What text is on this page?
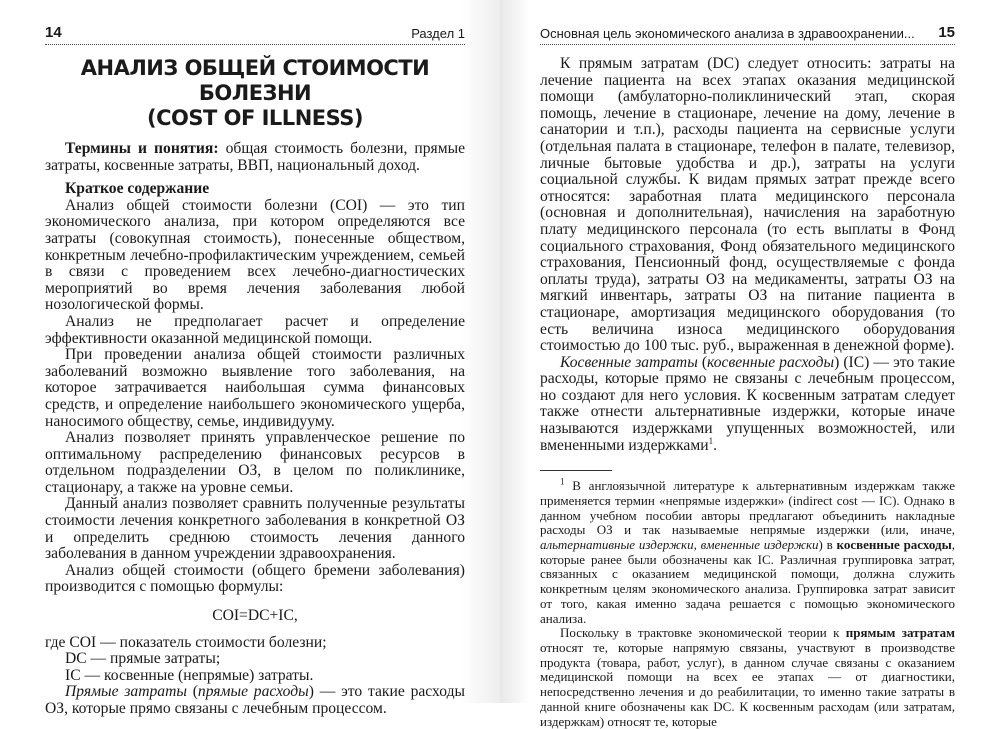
14	Раздел 1
АНАЛИЗ ОБЩЕЙ СТОИМОСТИ БОЛЕЗНИ
(COST OF ILLNESS)

Термины и понятия: общая стоимость болезни, прямые затраты, косвенные затраты, ВВП, национальный доход.

Краткое содержание

Анализ общей стоимости болезни (COI) — это тип экономического анализа, при котором определяются все затраты (совокупная стоимость), понесенные обществом, конкретным лечебно-профилактическим учреждением, семьей в связи с проведением всех лечебно-диагностических мероприятий во время лечения заболевания любой нозологической формы.

Анализ не предполагает расчет и определение эффективности оказанной медицинской помощи.

При проведении анализа общей стоимости различных заболеваний возможно выявление того заболевания, на которое затрачивается наибольшая сумма финансовых средств, и определение наибольшего экономического ущерба, наносимого обществу, семье, индивидууму.

Анализ позволяет принять управленческое решение по оптимальному распределению финансовых ресурсов в отдельном подразделении ОЗ, в целом по поликлинике, стационару, а также на уровне семьи.

Данный анализ позволяет сравнить полученные результаты стоимости лечения конкретного заболевания в конкретной ОЗ и определить среднюю стоимость лечения данного заболевания в данном учреждении здравоохранения.

Анализ общей стоимости (общего бремени заболевания) производится с помощью формулы:

COI=DC+IC,

где COI — показатель стоимости болезни;

DC — прямые затраты;

IC — косвенные (непрямые) затраты.

Прямые затраты (прямые расходы) — это такие расходы ОЗ, которые прямо связаны с лечебным процессом.

Основная цель экономического анализа в здравоохранении... 15

К прямым затратам (DC) следует относить: затраты на лечение пациента на всех этапах оказания медицинской помощи (амбулаторно-поликлинический этап, скорая помощь, лечение в стационаре, лечение на дому, лечение в санатории и т.п.), расходы пациента на сервисные услуги (отдельная палата в стационаре, телефон в палате, телевизор, личные бытовые удобства и др.), затраты на услуги социальной службы. К видам прямых затрат прежде всего относятся: заработная плата медицинского персонала (основная и дополнительная), начисления на заработную плату медицинского персонала (то есть выплаты в Фонд социального страхования, Фонд обязательного медицинского страхования, Пенсионный фонд, осуществляемые с фонда оплаты труда), затраты ОЗ на медикаменты, затраты ОЗ на мягкий инвентарь, затраты ОЗ на питание пациента в стационаре, амортизация медицинского оборудования (то есть величина износа медицинского оборудования стоимостью до 100 тыс. руб., выраженная в денежной форме).

Косвенные затраты (косвенные расходы) (IC) — это такие расходы, которые прямо не связаны с лечебным процессом, но создают для него условия. К косвенным затратам следует также отнести альтернативные издержки, которые иначе называются издержками упущенных возможностей, или вмененными издержками$^1$.

$^1$ В англоязычной литературе к альтернативным издержкам также применяется термин «непрямые издержки» (indirect cost — IC). Однако в данном учебном пособии авторы предлагают объединить накладные расходы ОЗ и так называемые непрямые издержки (или, иначе, альтернативные издержки, вмененные издержки) в косвенные расходы, которые ранее были обозначены как IC. Различная группировка затрат, связанных с оказанием медицинской помощи, должна служить конкретным целям экономического анализа. Группировка затрат зависит от того, какая именно задача решается с помощью экономического анализа.

Поскольку в трактовке экономической теории к прямым затратам относят те, которые напрямую связаны, участвуют в производстве продукта (товара, работ, услуг), в данном случае связаны с оказанием медицинской помощи на всех ее этапах — от диагностики, непосредственно лечения и до реабилитации, то именно такие затраты в данной книге обозначены как DC. К косвенным расходам (или затратам, издержкам) относят те, которые
